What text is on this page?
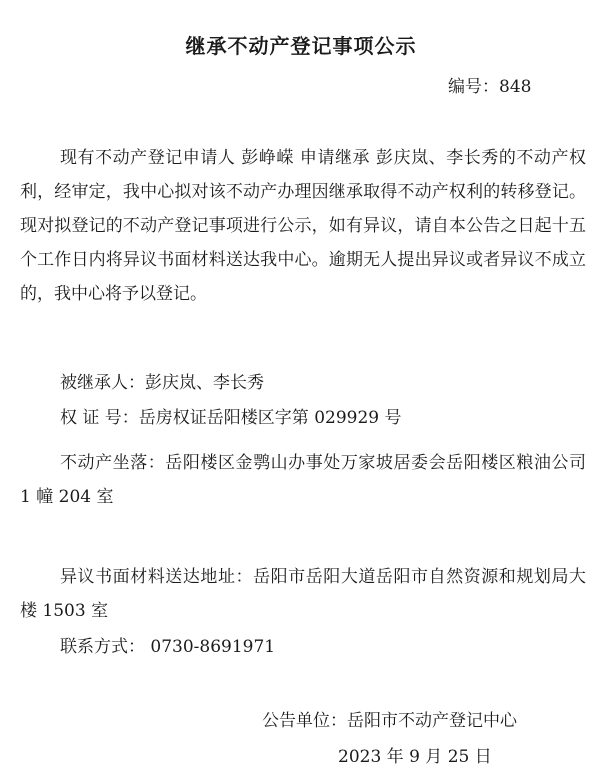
继承不动产登记事项公示
编号：848

现有不动产登记申请人 彭峥嵘 申请继承 彭庆岚、李长秀的不动产权利，经审定，我中心拟对该不动产办理因继承取得不动产权利的转移登记。现对拟登记的不动产登记事项进行公示，如有异议，请自本公告之日起十五个工作日内将异议书面材料送达我中心。逾期无人提出异议或者异议不成立的，我中心将予以登记。

被继承人：彭庆岚、李长秀

权 证 号：岳房权证岳阳楼区字第 029929 号

不动产坐落：岳阳楼区金鹗山办事处万家坡居委会岳阳楼区粮油公司 1 幢 204 室

异议书面材料送达地址：岳阳市岳阳大道岳阳市自然资源和规划局大楼 1503 室

联系方式： 0730-8691971

公告单位：岳阳市不动产登记中心
2023 年 9 月 25 日
